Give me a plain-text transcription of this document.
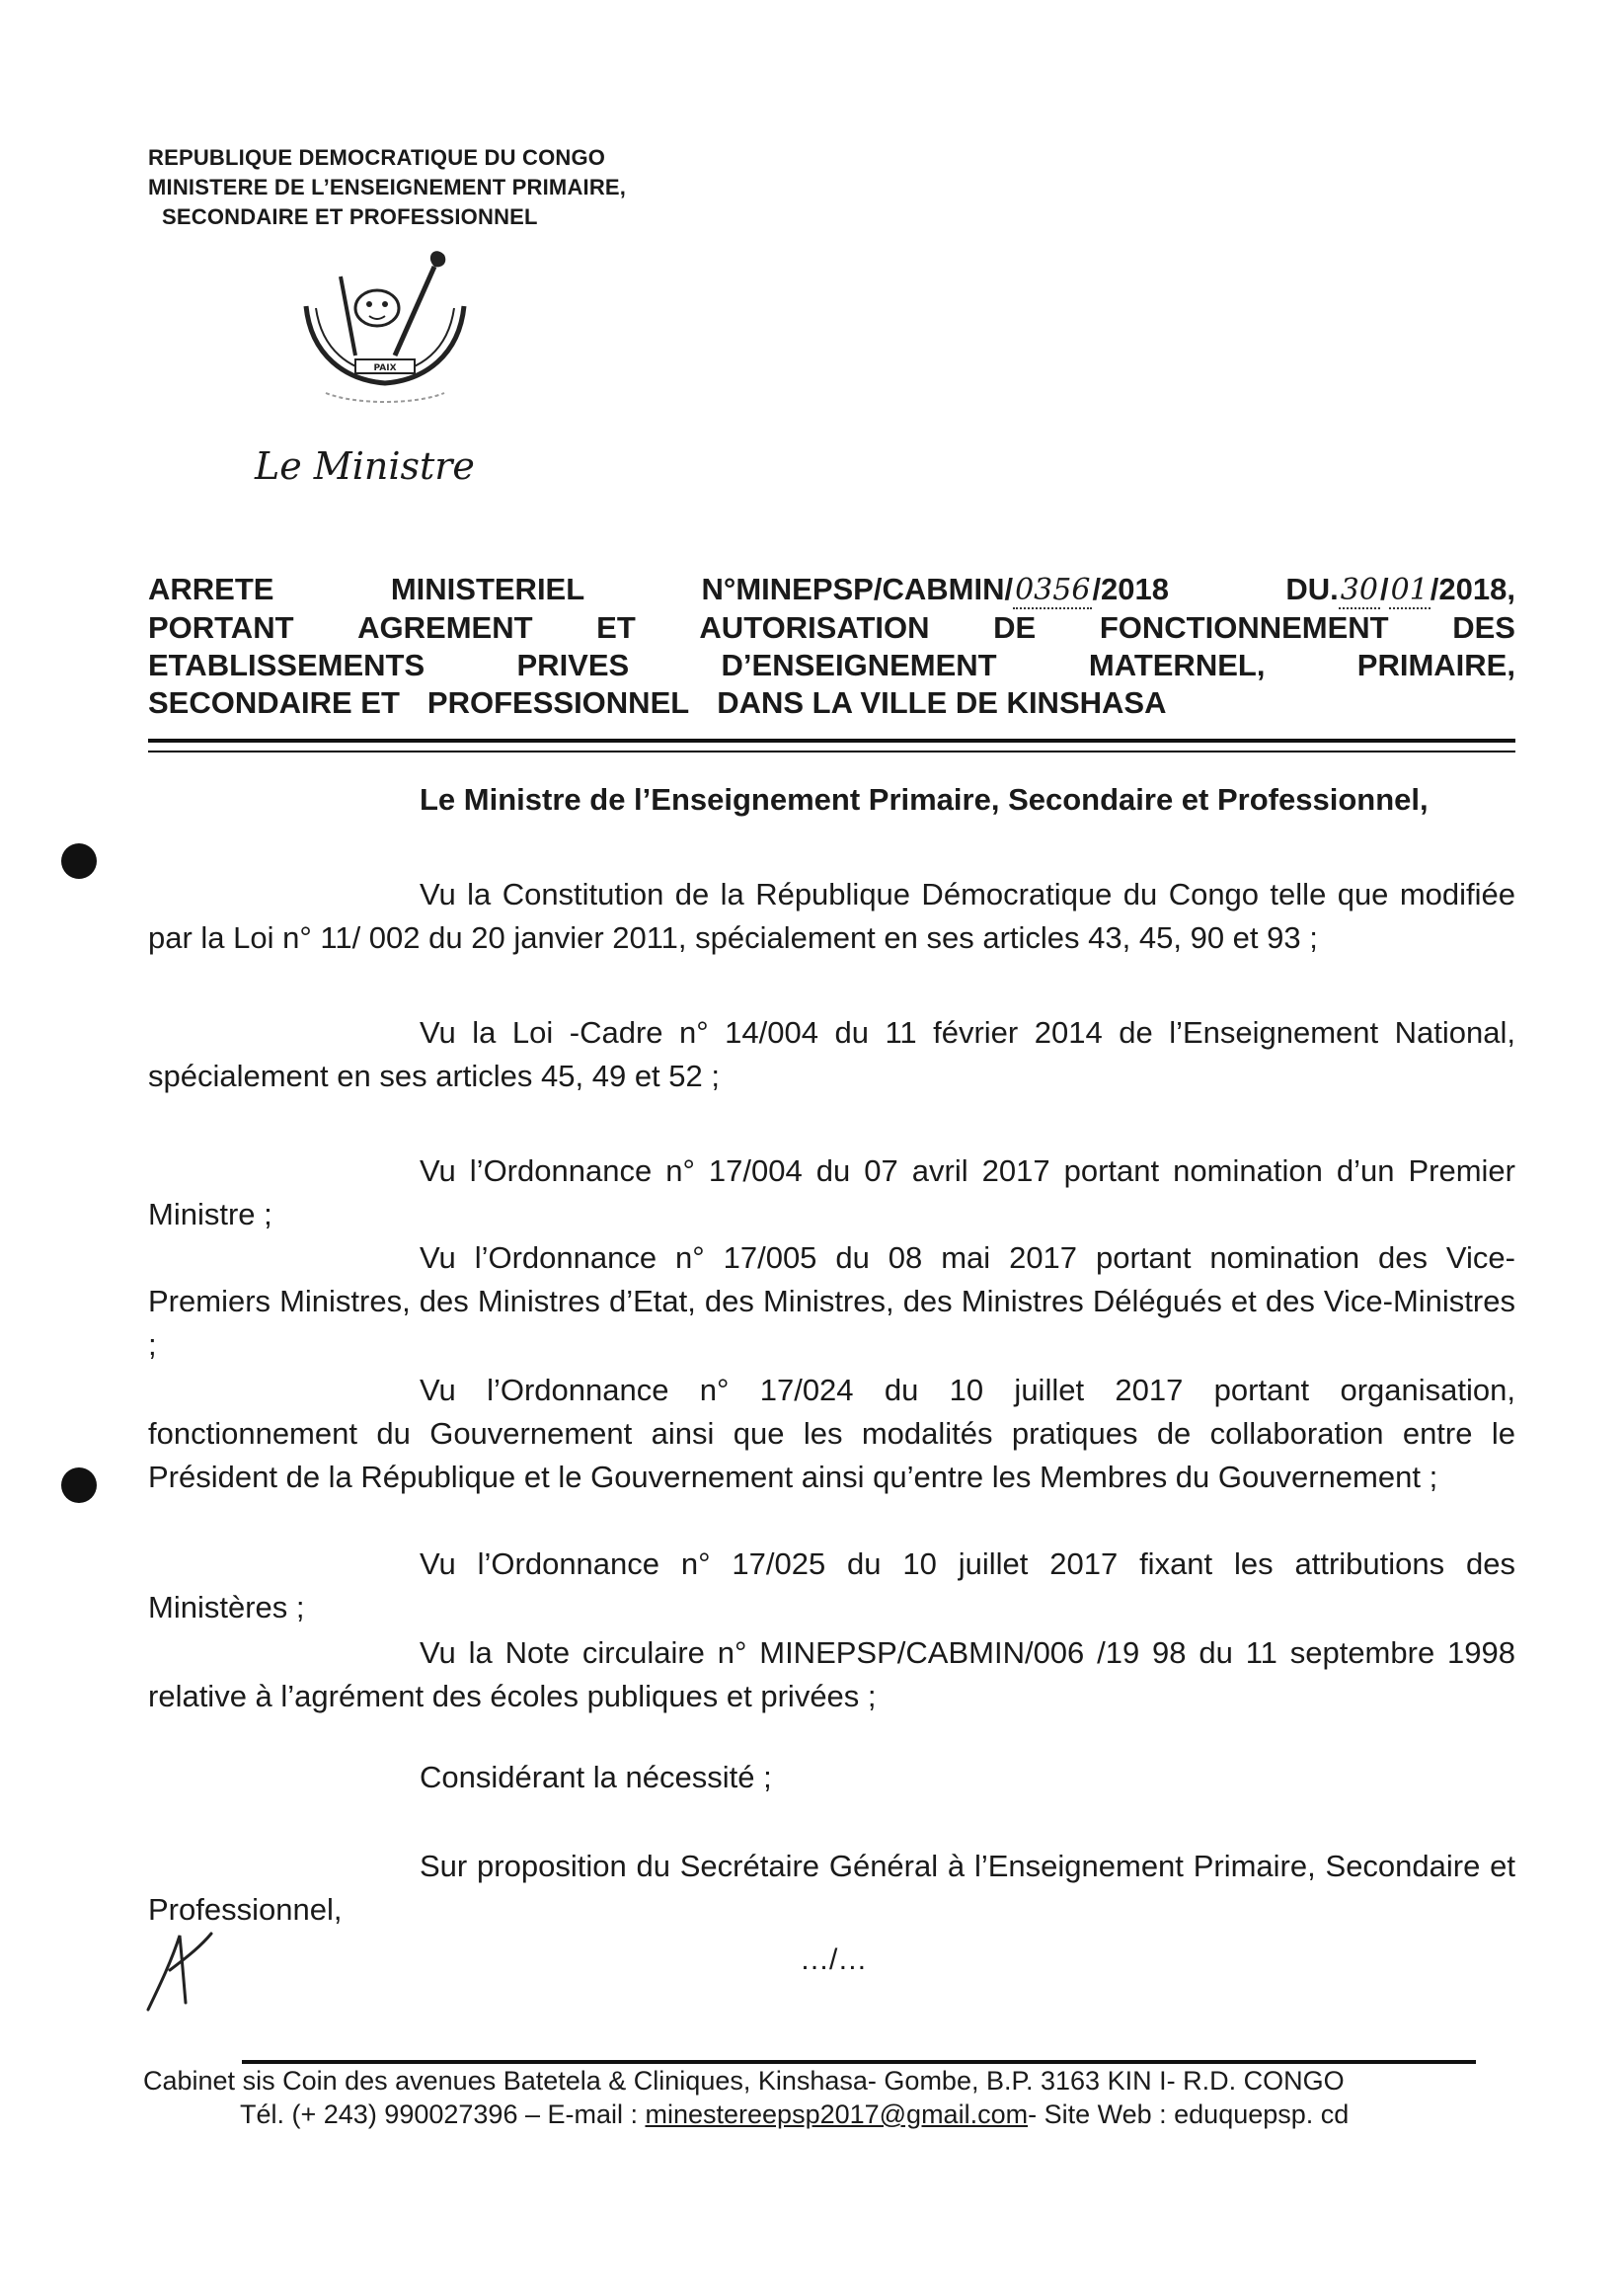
REPUBLIQUE DEMOCRATIQUE DU CONGO
MINISTERE DE L’ENSEIGNEMENT PRIMAIRE,
SECONDAIRE ET PROFESSIONNEL
PAIX
Le Ministre
ARRETE	MINISTERIEL	N°MINEPSP/CABMIN/0356/2018	DU.30/01/2018,
PORTANT AGREMENT ET AUTORISATION DE FONCTIONNEMENT DES
ETABLISSEMENTS	PRIVES	D’ENSEIGNEMENT	MATERNEL,	PRIMAIRE,
SECONDAIRE ET PROFESSIONNEL DANS LA VILLE DE KINSHASA
Le Ministre de l’Enseignement Primaire, Secondaire et Professionnel,

Vu la Constitution de la République Démocratique du Congo telle que modifiée par la Loi n° 11/ 002 du 20 janvier 2011, spécialement en ses articles 43, 45, 90 et 93 ;

Vu la Loi -Cadre n° 14/004 du 11 février 2014 de l’Enseignement National, spécialement en ses articles 45, 49 et 52 ;

Vu l’Ordonnance n° 17/004 du 07 avril 2017 portant nomination d’un Premier Ministre ;

Vu l’Ordonnance n° 17/005 du 08 mai 2017 portant nomination des Vice-Premiers Ministres, des Ministres d’Etat, des Ministres, des Ministres Délégués et des Vice-Ministres ;

Vu l’Ordonnance n° 17/024 du 10 juillet 2017 portant organisation, fonctionnement du Gouvernement ainsi que les modalités pratiques de collaboration entre le Président de la République et le Gouvernement ainsi qu’entre les Membres du Gouvernement ;

Vu l’Ordonnance n° 17/025 du 10 juillet 2017 fixant les attributions des Ministères ;

Vu la Note circulaire n° MINEPSP/CABMIN/006 /19 98 du 11 septembre 1998 relative à l’agrément des écoles publiques et privées ;

Considérant la nécessité ;

Sur proposition du Secrétaire Général à l’Enseignement Primaire, Secondaire et Professionnel,

…/…
Cabinet sis Coin des avenues Batetela & Cliniques, Kinshasa- Gombe, B.P. 3163 KIN I- R.D. CONGO
Tél. (+ 243) 990027396 – E-mail : minestereepsp2017@gmail.com- Site Web : eduquepsp. cd
